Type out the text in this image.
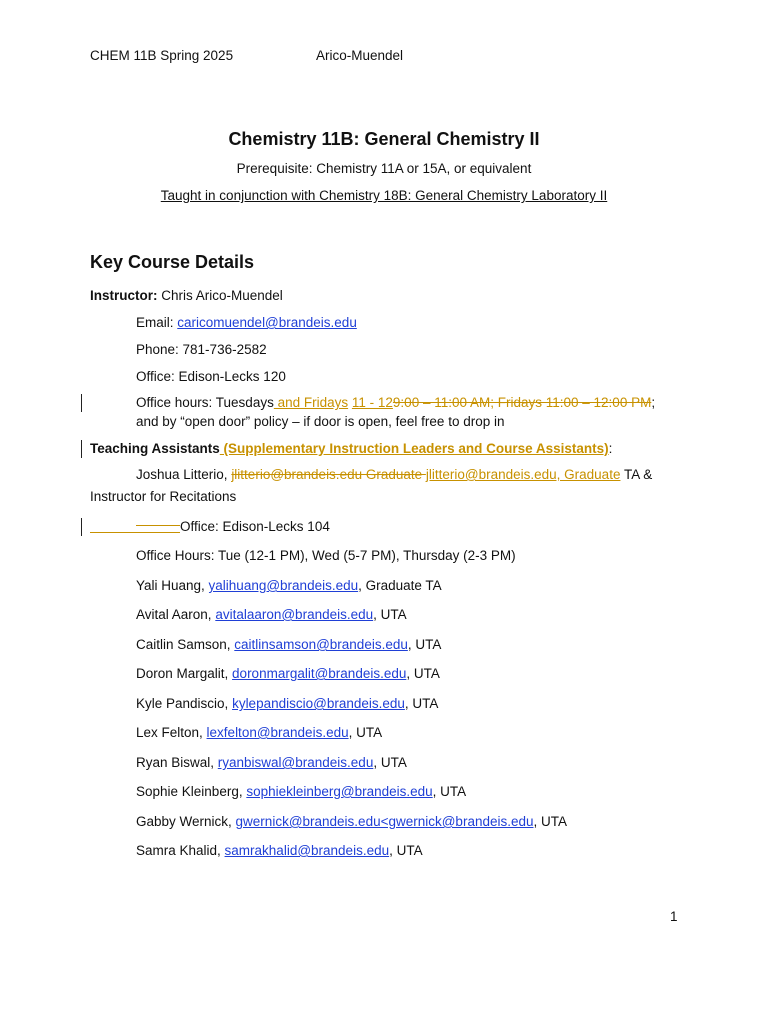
CHEM 11B Spring 2025	Arico-Muendel
Chemistry 11B: General Chemistry II
Prerequisite: Chemistry 11A or 15A, or equivalent
Taught in conjunction with Chemistry 18B: General Chemistry Laboratory II
Key Course Details
Instructor: Chris Arico-Muendel
Email: caricomuendel@brandeis.edu
Phone: 781-736-2582
Office: Edison-Lecks 120
Office hours: Tuesdays and Fridays 11 - 129:00 – 11:00 AM; Fridays 11:00 – 12:00 PM;
and by “open door” policy – if door is open, feel free to drop in
Teaching Assistants (Supplementary Instruction Leaders and Course Assistants):
Joshua Litterio, jlitterio@brandeis.edu Graduate jlitterio@brandeis.edu, Graduate TA &
Instructor for Recitations
Office: Edison-Lecks 104
Office Hours: Tue (12-1 PM), Wed (5-7 PM), Thursday (2-3 PM)
Yali Huang, yalihuang@brandeis.edu, Graduate TA
Avital Aaron, avitalaaron@brandeis.edu, UTA
Caitlin Samson, caitlinsamson@brandeis.edu, UTA
Doron Margalit, doronmargalit@brandeis.edu, UTA
Kyle Pandiscio, kylepandiscio@brandeis.edu, UTA
Lex Felton, lexfelton@brandeis.edu, UTA
Ryan Biswal, ryanbiswal@brandeis.edu, UTA
Sophie Kleinberg, sophiekleinberg@brandeis.edu, UTA
Gabby Wernick, gwernick@brandeis.edu<gwernick@brandeis.edu, UTA
Samra Khalid, samrakhalid@brandeis.edu, UTA
1
